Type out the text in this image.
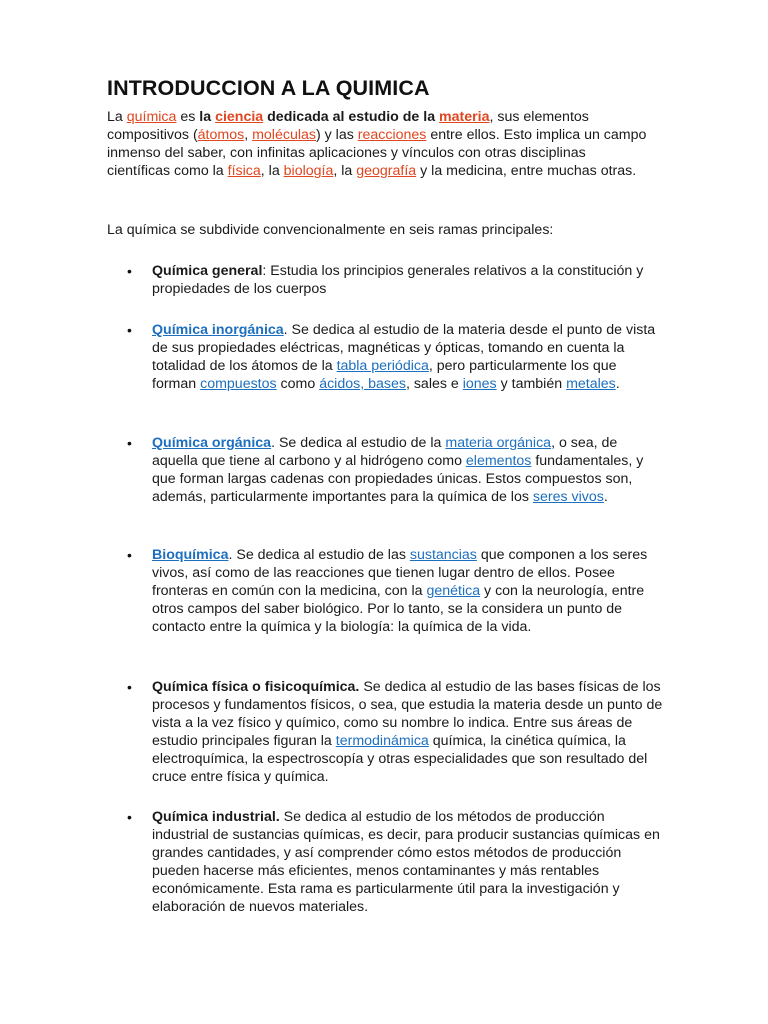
INTRODUCCION A LA QUIMICA

La química es la ciencia dedicada al estudio de la materia, sus elementos compositivos (átomos, moléculas) y las reacciones entre ellos. Esto implica un campo inmenso del saber, con infinitas aplicaciones y vínculos con otras disciplinas científicas como la física, la biología, la geografía y la medicina, entre muchas otras.

La química se subdivide convencionalmente en seis ramas principales:

• Química general: Estudia los principios generales relativos a la constitución y propiedades de los cuerpos
• Química inorgánica. Se dedica al estudio de la materia desde el punto de vista de sus propiedades eléctricas, magnéticas y ópticas, tomando en cuenta la totalidad de los átomos de la tabla periódica, pero particularmente los que forman compuestos como ácidos, bases, sales e iones y también metales.
• Química orgánica. Se dedica al estudio de la materia orgánica, o sea, de aquella que tiene al carbono y al hidrógeno como elementos fundamentales, y que forman largas cadenas con propiedades únicas. Estos compuestos son, además, particularmente importantes para la química de los seres vivos.
• Bioquímica. Se dedica al estudio de las sustancias que componen a los seres vivos, así como de las reacciones que tienen lugar dentro de ellos. Posee fronteras en común con la medicina, con la genética y con la neurología, entre otros campos del saber biológico. Por lo tanto, se la considera un punto de contacto entre la química y la biología: la química de la vida.
• Química física o fisicoquímica. Se dedica al estudio de las bases físicas de los procesos y fundamentos físicos, o sea, que estudia la materia desde un punto de vista a la vez físico y químico, como su nombre lo indica. Entre sus áreas de estudio principales figuran la termodinámica química, la cinética química, la electroquímica, la espectroscopía y otras especialidades que son resultado del cruce entre física y química.
• Química industrial. Se dedica al estudio de los métodos de producción industrial de sustancias químicas, es decir, para producir sustancias químicas en grandes cantidades, y así comprender cómo estos métodos de producción pueden hacerse más eficientes, menos contaminantes y más rentables económicamente. Esta rama es particularmente útil para la investigación y elaboración de nuevos materiales.
